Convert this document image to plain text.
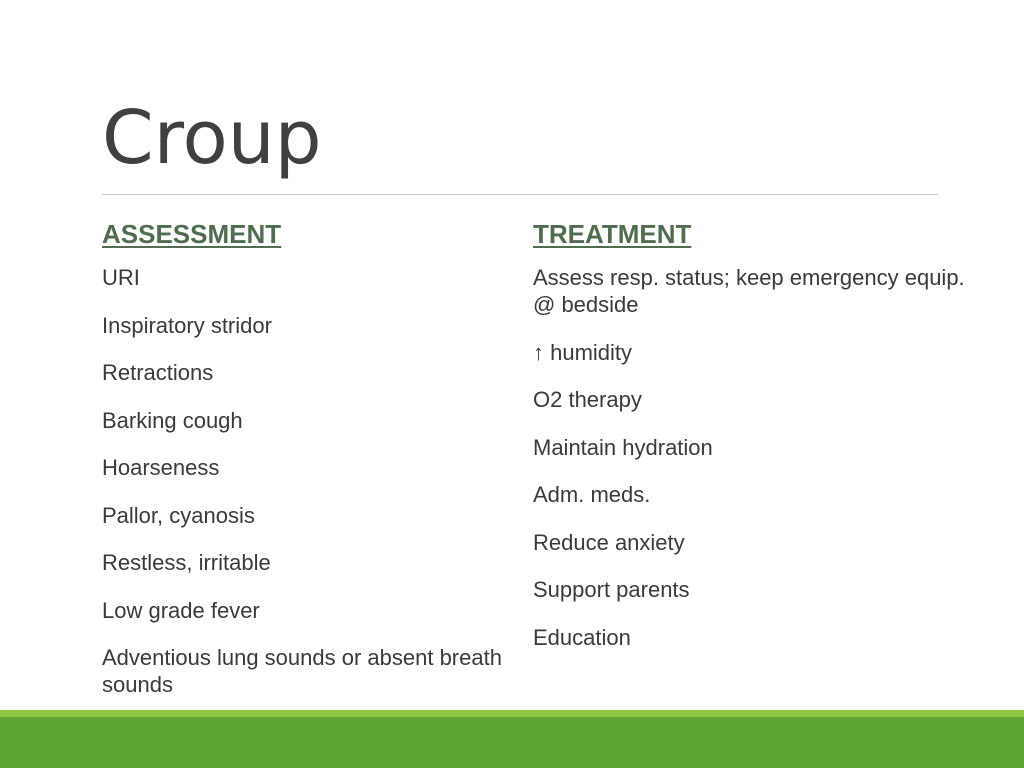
Croup
ASSESSMENT
URI
Inspiratory stridor
Retractions
Barking cough
Hoarseness
Pallor, cyanosis
Restless, irritable
Low grade fever
Adventious lung sounds or absent breath sounds
TREATMENT
Assess resp. status; keep emergency equip. @ bedside
↑ humidity
O2 therapy
Maintain hydration
Adm. meds.
Reduce anxiety
Support parents
Education
